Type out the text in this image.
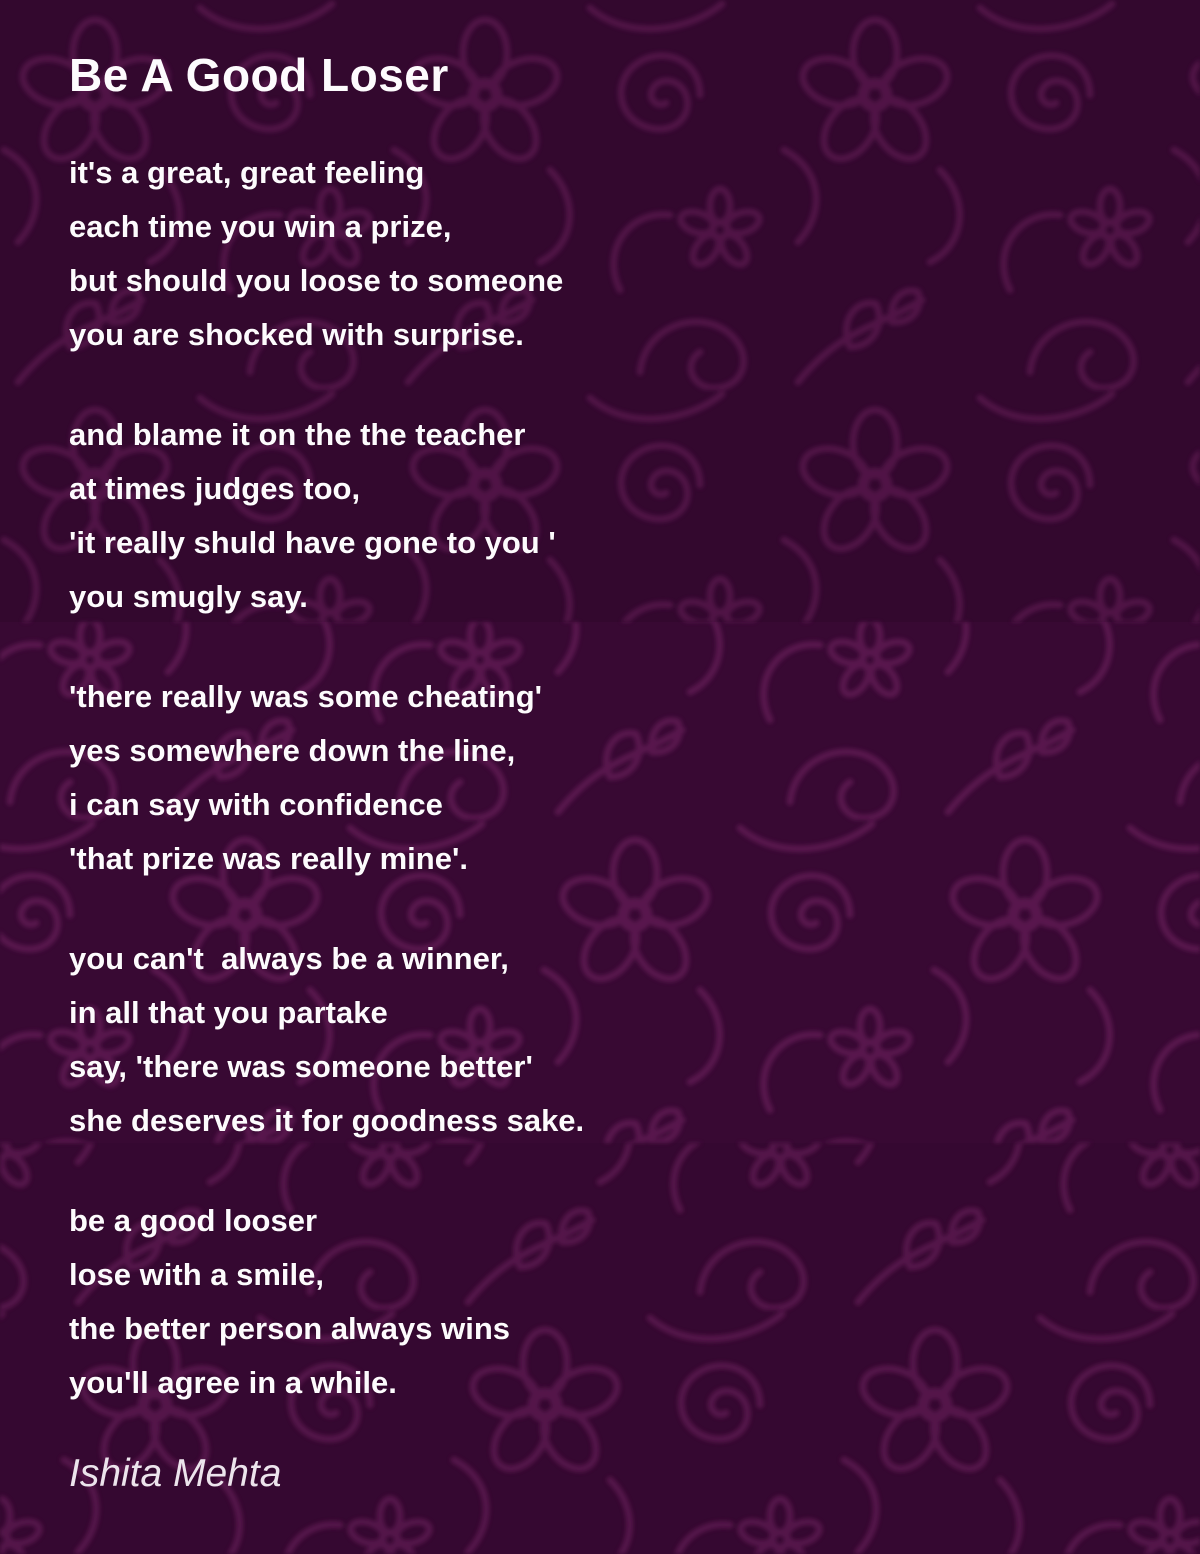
Be A Good Loser

it's a great, great feeling
each time you win a prize,
but should you loose to someone
you are shocked with surprise.

and blame it on the the teacher
at times judges too,
'it really shuld have gone to you '
you smugly say.

'there really was some cheating'
yes somewhere down the line,
i can say with confidence
'that prize was really mine'.

you can't  always be a winner,
in all that you partake
say, 'there was someone better'
she deserves it for goodness sake.

be a good looser
lose with a smile,
the better person always wins
you'll agree in a while.

Ishita Mehta
